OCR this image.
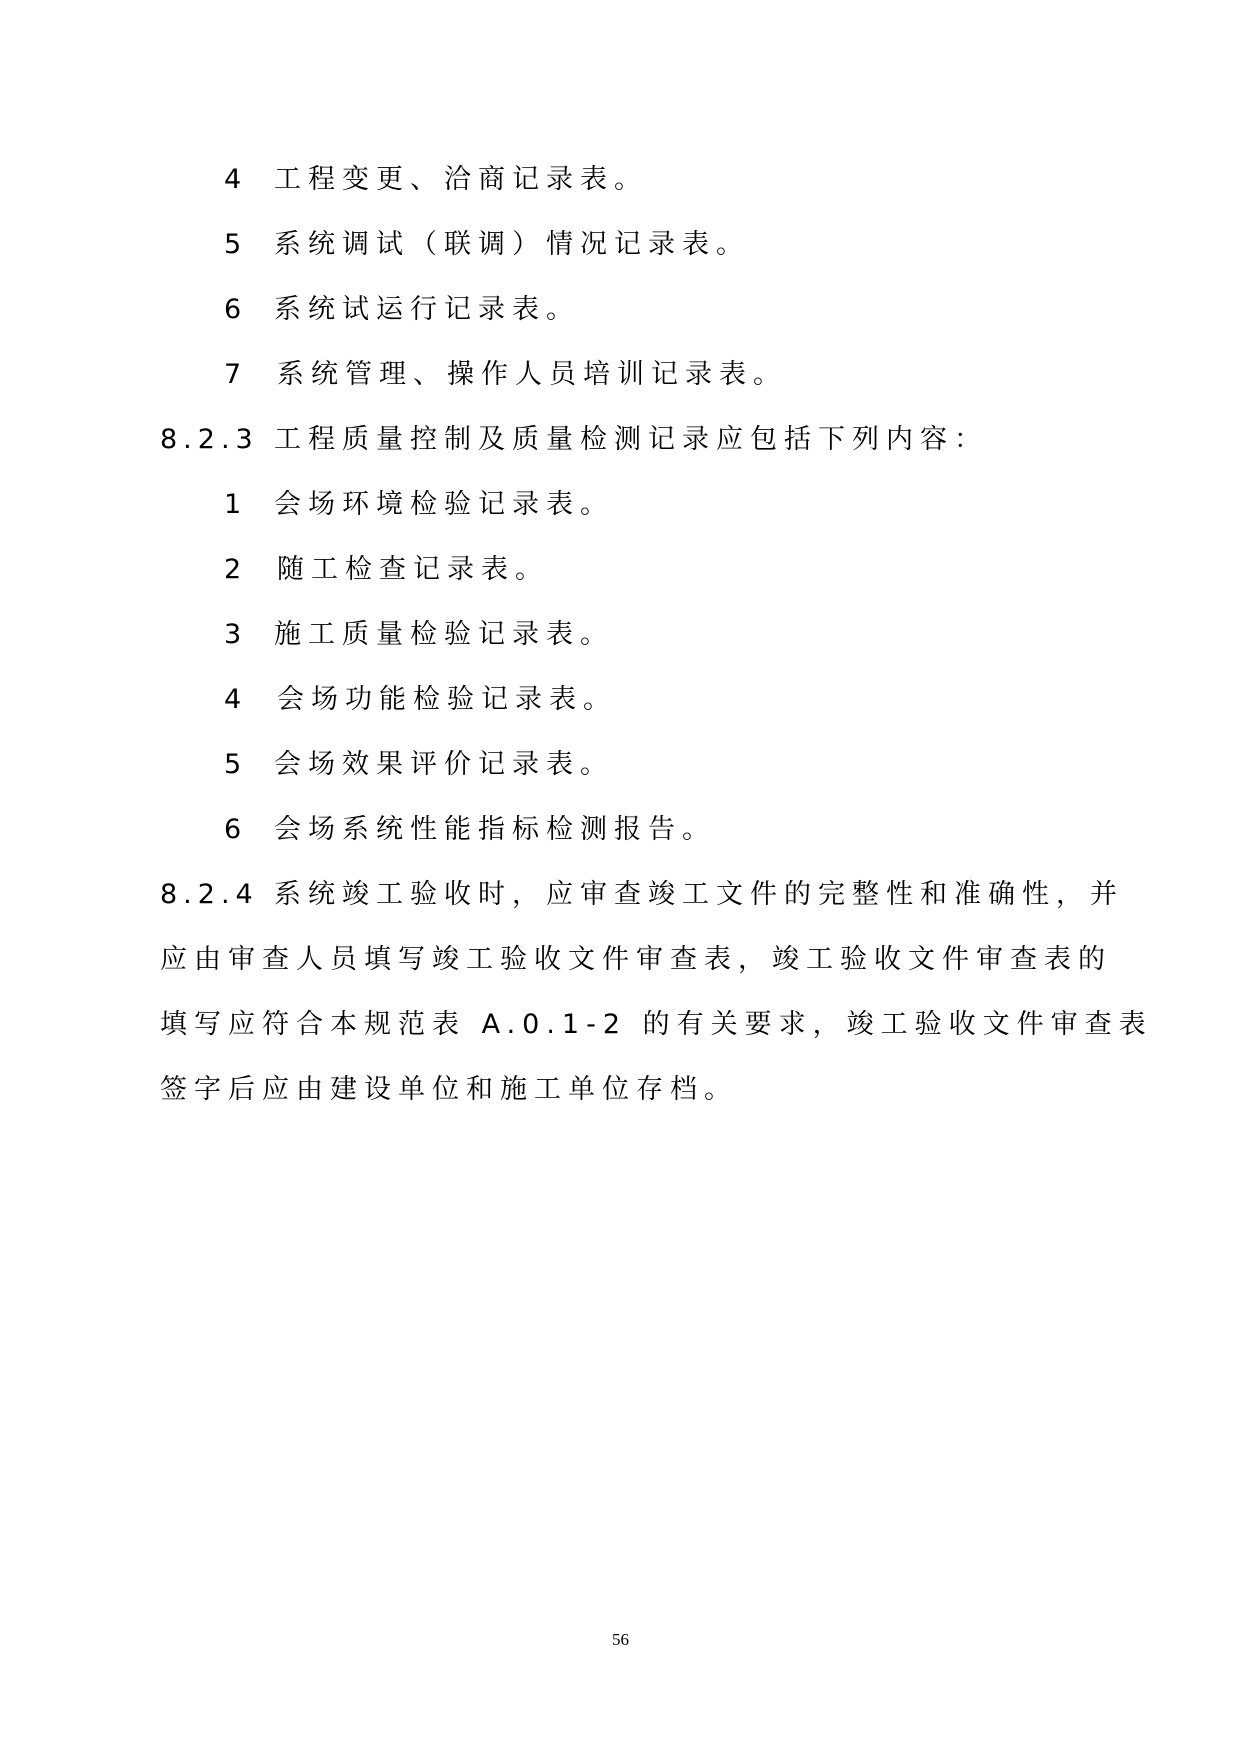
4 工程变更、洽商记录表。
5 系统调试（联调）情况记录表。
6 系统试运行记录表。
7 系统管理、操作人员培训记录表。
8.2.3 工程质量控制及质量检测记录应包括下列内容：
1 会场环境检验记录表。
2 随工检查记录表。
3 施工质量检验记录表。
4 会场功能检验记录表。
5 会场效果评价记录表。
6 会场系统性能指标检测报告。
8.2.4 系统竣工验收时，应审查竣工文件的完整性和准确性，并
应由审查人员填写竣工验收文件审查表，竣工验收文件审查表的
填写应符合本规范表 A.0.1-2 的有关要求，竣工验收文件审查表
签字后应由建设单位和施工单位存档。
56
